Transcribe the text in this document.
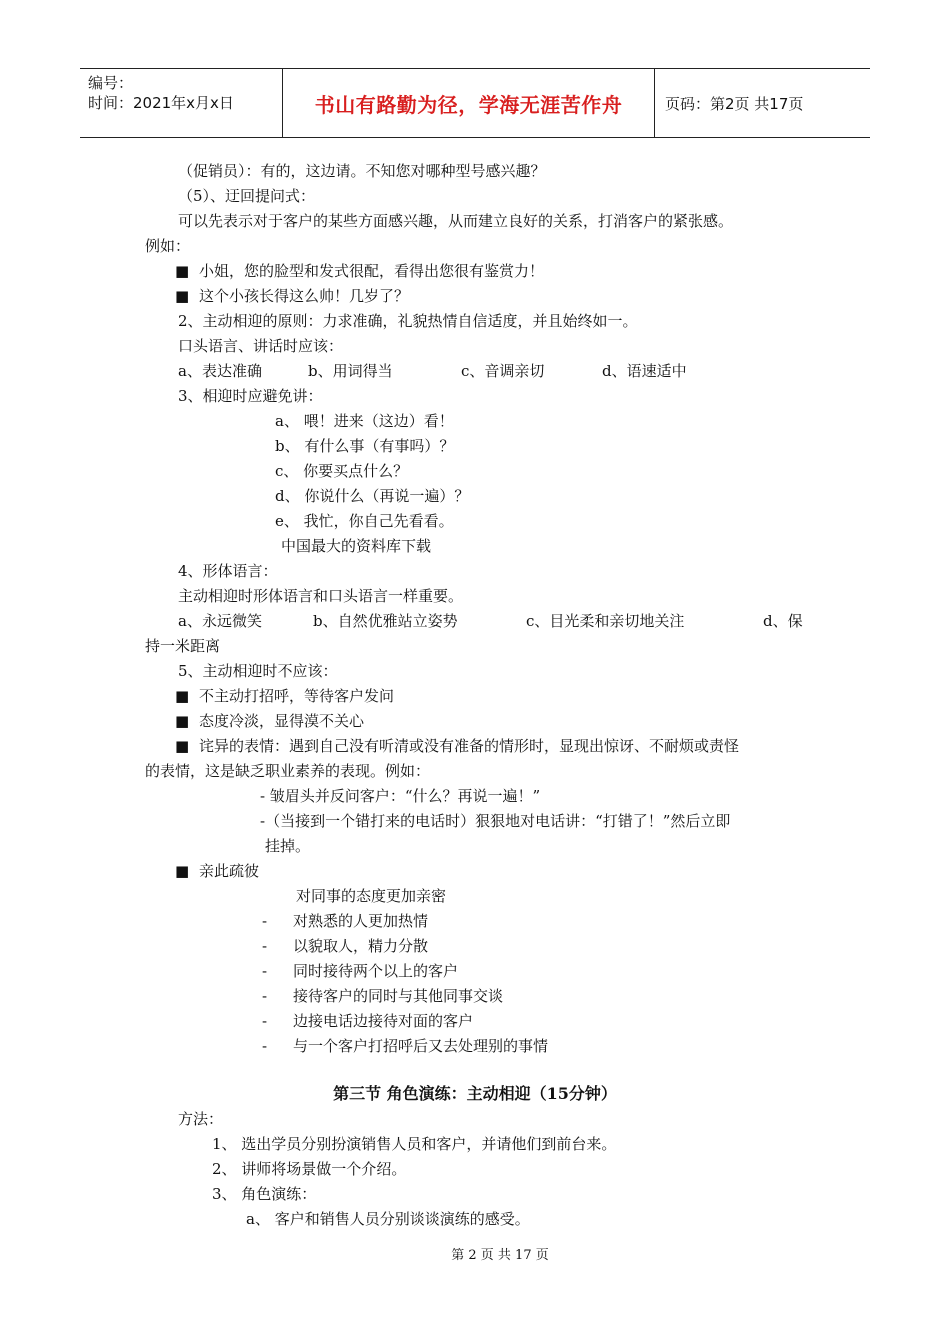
编号：
时间：2021年x月x日	书山有路勤为径，学海无涯苦作舟	页码：第2页 共17页
（促销员）：有的，这边请。不知您对哪种型号感兴趣？
（5）、迂回提问式：
可以先表示对于客户的某些方面感兴趣，从而建立良好的关系，打消客户的紧张感。
例如：
■ 小姐，您的脸型和发式很配，看得出您很有鉴赏力！
■ 这个小孩长得这么帅！几岁了？
2、主动相迎的原则：力求准确，礼貌热情自信适度，并且始终如一。
口头语言、讲话时应该：
a、表达准确	b、用词得当	c、音调亲切	d、语速适中
3、相迎时应避免讲：
a、 喂！进来（这边）看！
b、 有什么事（有事吗）？
c、 你要买点什么？
d、 你说什么（再说一遍）？
e、 我忙，你自己先看看。
中国最大的资料库下载
4、形体语言：
主动相迎时形体语言和口头语言一样重要。
a、永远微笑	b、自然优雅站立姿势	c、目光柔和亲切地关注	d、保
持一米距离
5、主动相迎时不应该：
■ 不主动打招呼，等待客户发问
■ 态度冷淡，显得漠不关心
■ 诧异的表情：遇到自己没有听清或没有准备的情形时，显现出惊讶、不耐烦或责怪
的表情，这是缺乏职业素养的表现。例如：
- 皱眉头并反问客户：“什么？再说一遍！”
-（当接到一个错打来的电话时）狠狠地对电话讲：“打错了！”然后立即
挂掉。
■ 亲此疏彼
对同事的态度更加亲密
- 对熟悉的人更加热情
- 以貌取人，精力分散
- 同时接待两个以上的客户
- 接待客户的同时与其他同事交谈
- 边接电话边接待对面的客户
- 与一个客户打招呼后又去处理别的事情
第三节 角色演练：主动相迎（15分钟）
方法：
1、 选出学员分别扮演销售人员和客户，并请他们到前台来。
2、 讲师将场景做一个介绍。
3、 角色演练：
a、 客户和销售人员分别谈谈演练的感受。
第 2 页 共 17 页
